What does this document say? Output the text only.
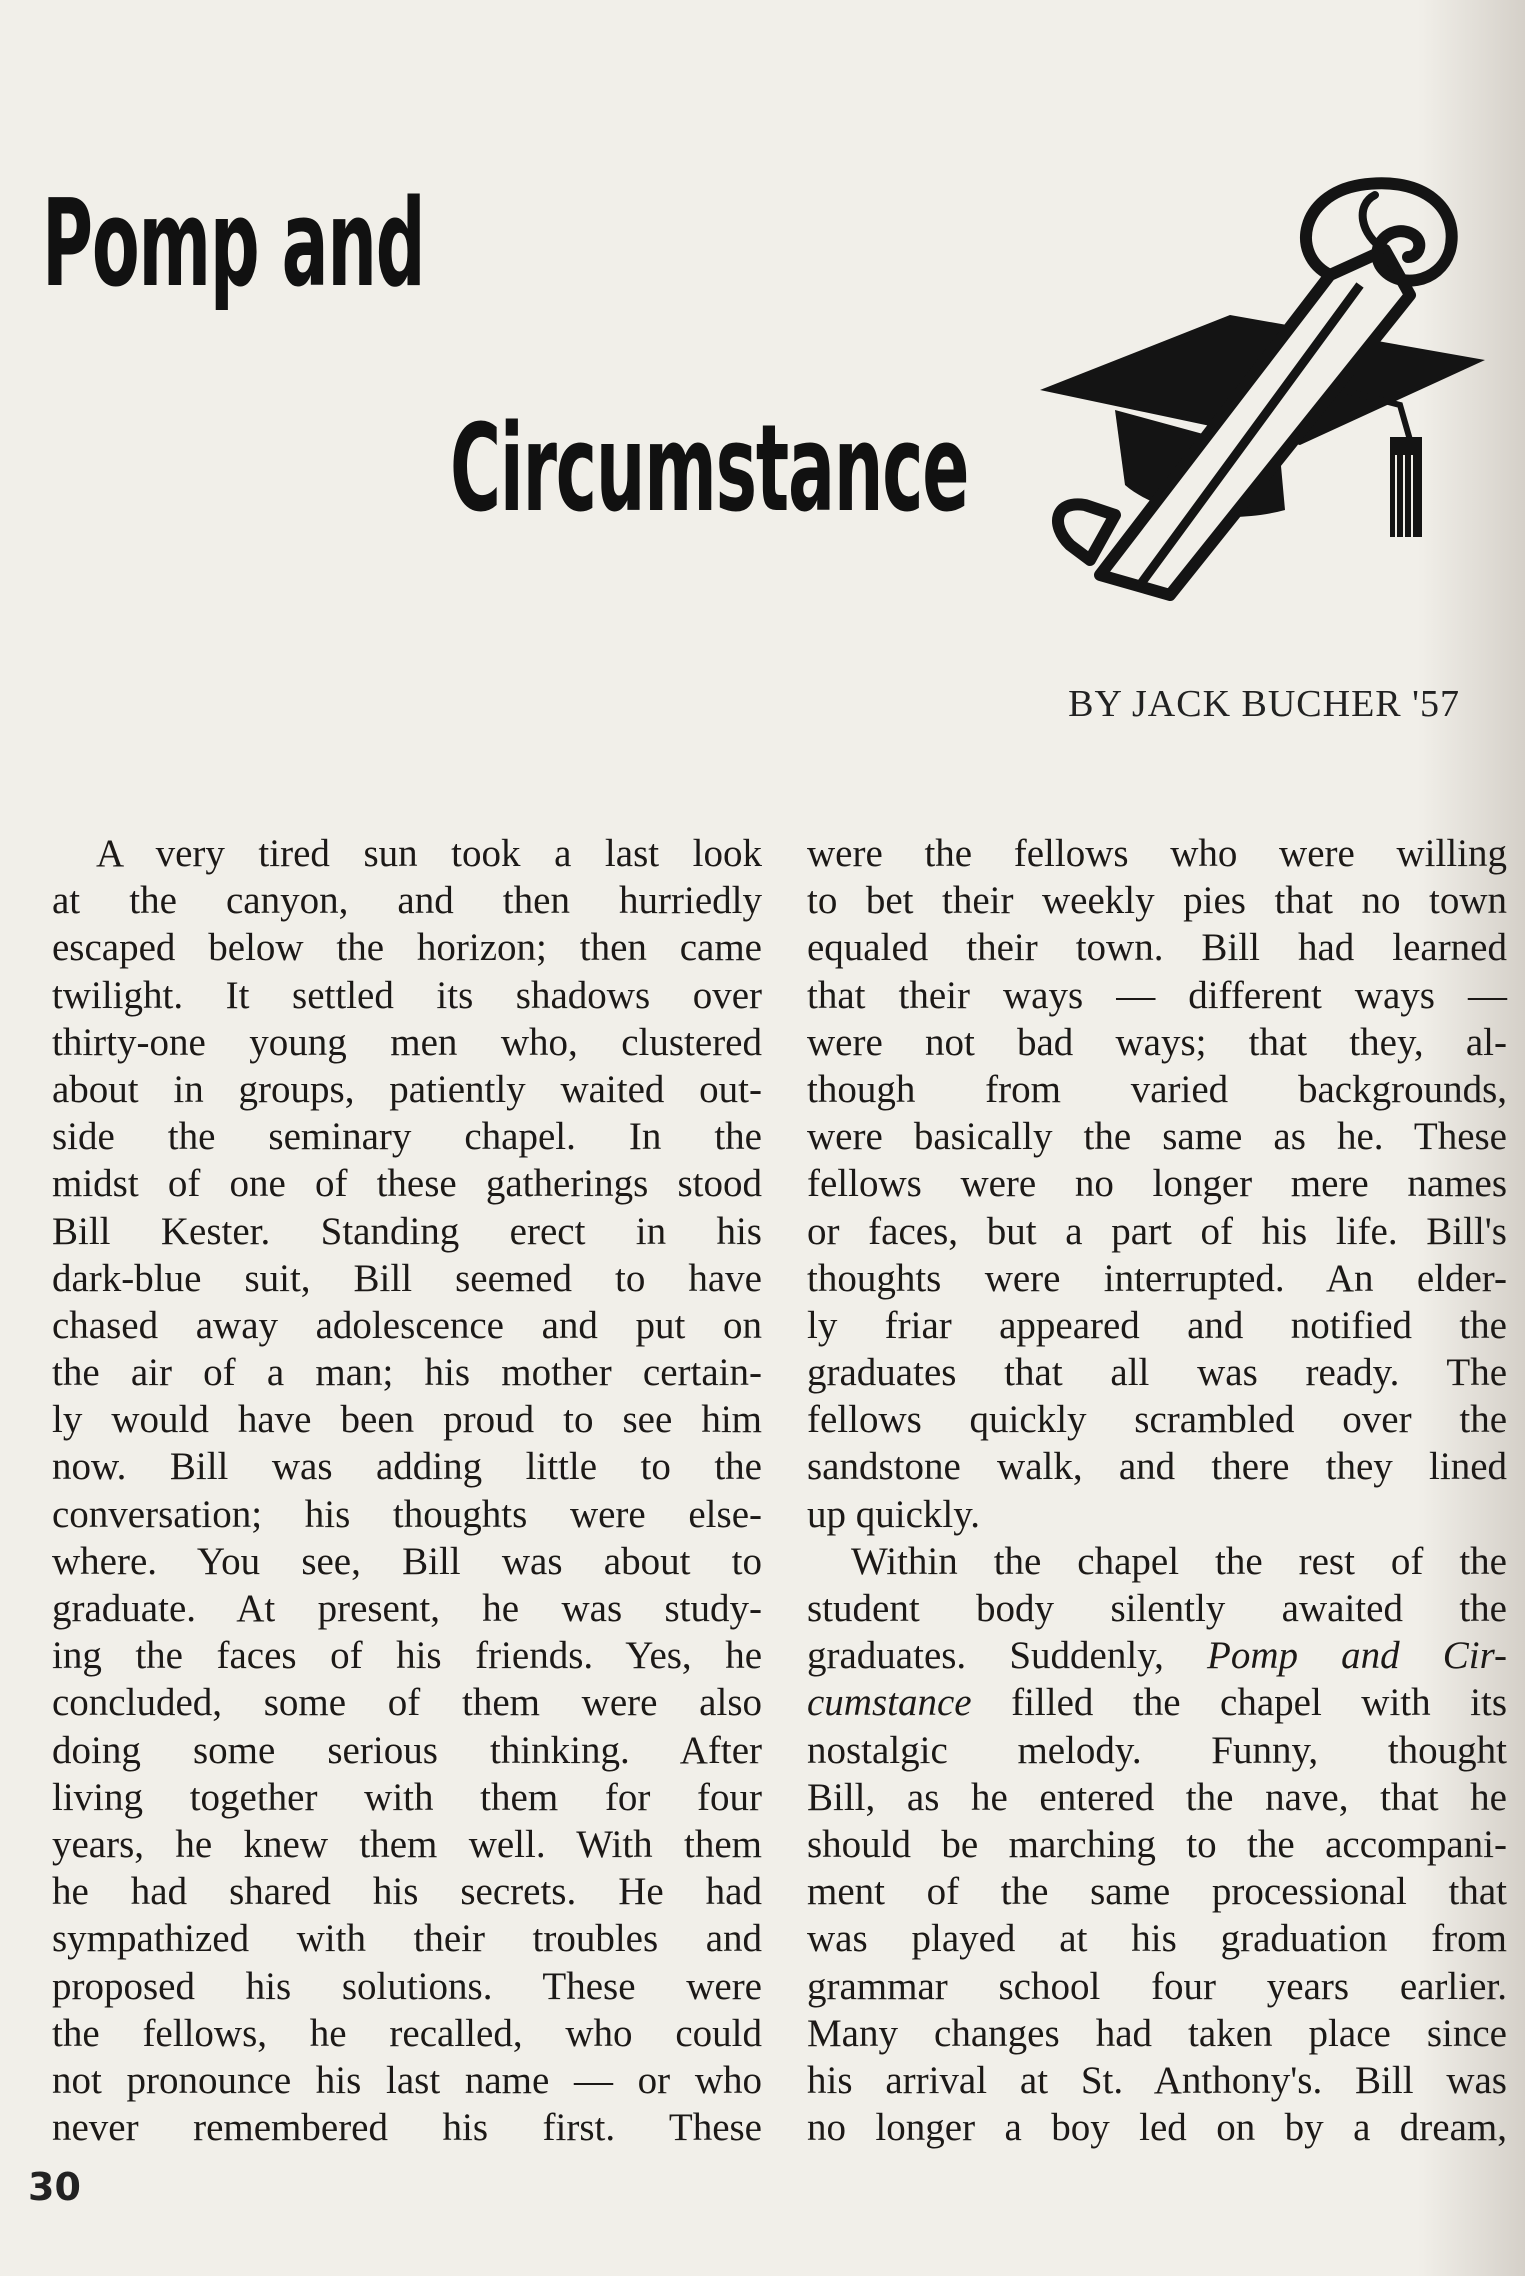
Pomp and
Circumstance
BY JACK BUCHER '57
A very tired sun took a last look
at the canyon, and then hurriedly
escaped below the horizon; then came
twilight. It settled its shadows over
thirty-one young men who, clustered
about in groups, patiently waited out-
side the seminary chapel. In the
midst of one of these gatherings stood
Bill Kester. Standing erect in his
dark-blue suit, Bill seemed to have
chased away adolescence and put on
the air of a man; his mother certain-
ly would have been proud to see him
now. Bill was adding little to the
conversation; his thoughts were else-
where. You see, Bill was about to
graduate. At present, he was study-
ing the faces of his friends. Yes, he
concluded, some of them were also
doing some serious thinking. After
living together with them for four
years, he knew them well. With them
he had shared his secrets. He had
sympathized with their troubles and
proposed his solutions. These were
the fellows, he recalled, who could
not pronounce his last name — or who
never remembered his first. These
were the fellows who were willing
to bet their weekly pies that no town
equaled their town. Bill had learned
that their ways — different ways —
were not bad ways; that they, al-
though from varied backgrounds,
were basically the same as he. These
fellows were no longer mere names
or faces, but a part of his life. Bill's
thoughts were interrupted. An elder-
ly friar appeared and notified the
graduates that all was ready. The
fellows quickly scrambled over the
sandstone walk, and there they lined
up quickly.
Within the chapel the rest of the
student body silently awaited the
graduates. Suddenly, Pomp and Cir-
cumstance filled the chapel with its
nostalgic melody. Funny, thought
Bill, as he entered the nave, that he
should be marching to the accompani-
ment of the same processional that
was played at his graduation from
grammar school four years earlier.
Many changes had taken place since
his arrival at St. Anthony's. Bill was
no longer a boy led on by a dream,
30
